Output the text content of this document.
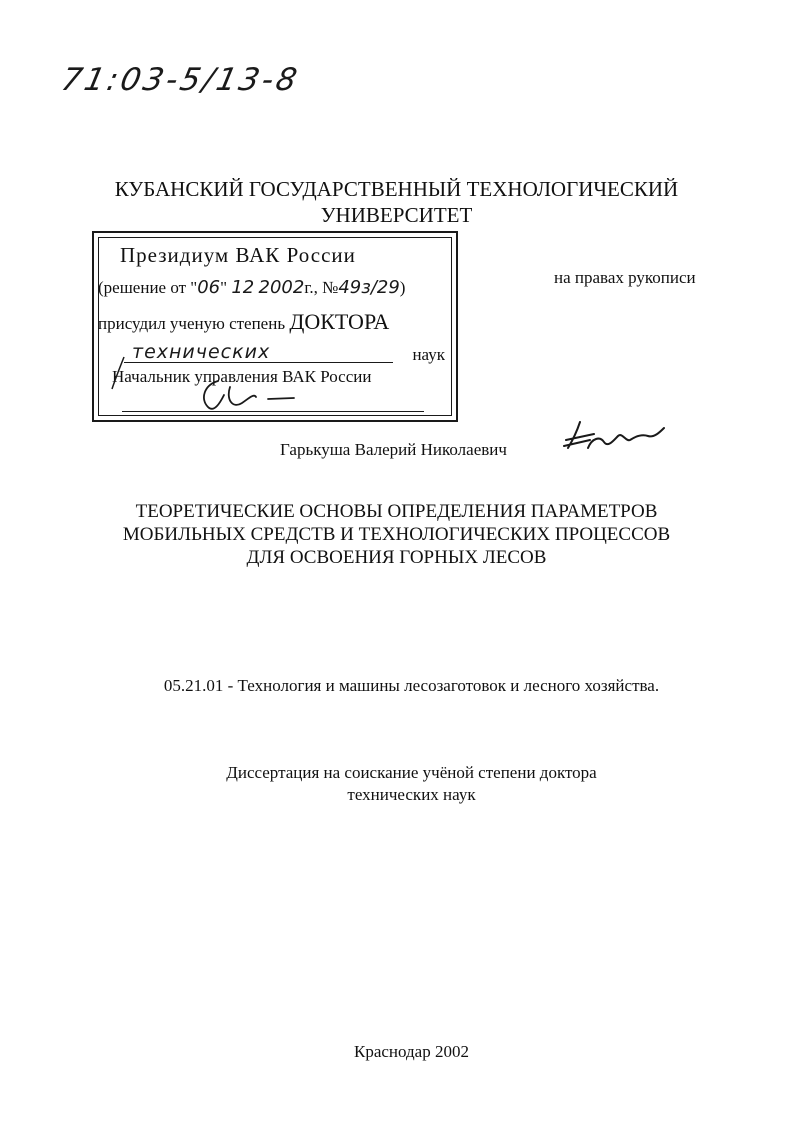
71:03-5/13-8
КУБАНСКИЙ ГОСУДАРСТВЕННЫЙ ТЕХНОЛОГИЧЕСКИЙ
УНИВЕРСИТЕТ
Президиум ВАК России
(решение от "06" 12 2002г., №49з/29)
присудил ученую степень ДОКТОРА
технических	наук
Начальник управления ВАК России
на правах рукописи
Гарькуша Валерий Николаевич
ТЕОРЕТИЧЕСКИЕ ОСНОВЫ ОПРЕДЕЛЕНИЯ ПАРАМЕТРОВ
МОБИЛЬНЫХ СРЕДСТВ И ТЕХНОЛОГИЧЕСКИХ ПРОЦЕССОВ
ДЛЯ ОСВОЕНИЯ ГОРНЫХ ЛЕСОВ
05.21.01 - Технология и машины лесозаготовок и лесного хозяйства.
Диссертация на соискание учёной степени доктора
технических наук
Краснодар 2002
